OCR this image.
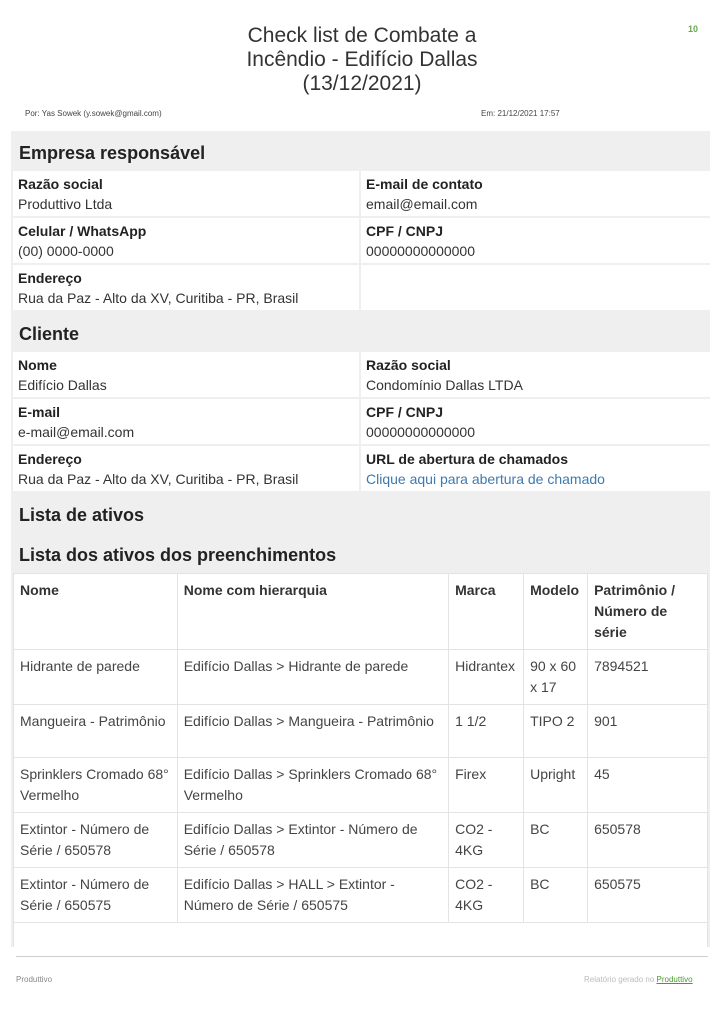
10
Check list de Combate a
Incêndio - Edifício Dallas
(13/12/2021)
Por: Yas Sowek (y.sowek@gmail.com)	Em: 21/12/2021 17:57
Empresa responsável
Razão social
Produttivo Ltda
E-mail de contato
email@email.com
Celular / WhatsApp
(00) 0000-0000
CPF / CNPJ
00000000000000
Endereço
Rua da Paz - Alto da XV, Curitiba - PR, Brasil
Cliente
Nome
Edifício Dallas
Razão social
Condomínio Dallas LTDA
E-mail
e-mail@email.com
CPF / CNPJ
00000000000000
Endereço
Rua da Paz - Alto da XV, Curitiba - PR, Brasil
URL de abertura de chamados
Clique aqui para abertura de chamado
Lista de ativos
Lista dos ativos dos preenchimentos
Nome	Nome com hierarquia	Marca	Modelo	Patrimônio / Número de série
Hidrante de parede	Edifício Dallas > Hidrante de parede	Hidrantex	90 x 60 x 17	7894521
Mangueira - Patrimônio	Edifício Dallas > Mangueira - Patrimônio	1 1/2	TIPO 2	901
Sprinklers Cromado 68° Vermelho	Edifício Dallas > Sprinklers Cromado 68° Vermelho	Firex	Upright	45
Extintor - Número de Série / 650578	Edifício Dallas > Extintor - Número de Série / 650578	CO2 - 4KG	BC	650578
Extintor - Número de Série / 650575	Edifício Dallas > HALL > Extintor - Número de Série / 650575	CO2 - 4KG	BC	650575

Produttivo	Relatório gerado no Produttivo
